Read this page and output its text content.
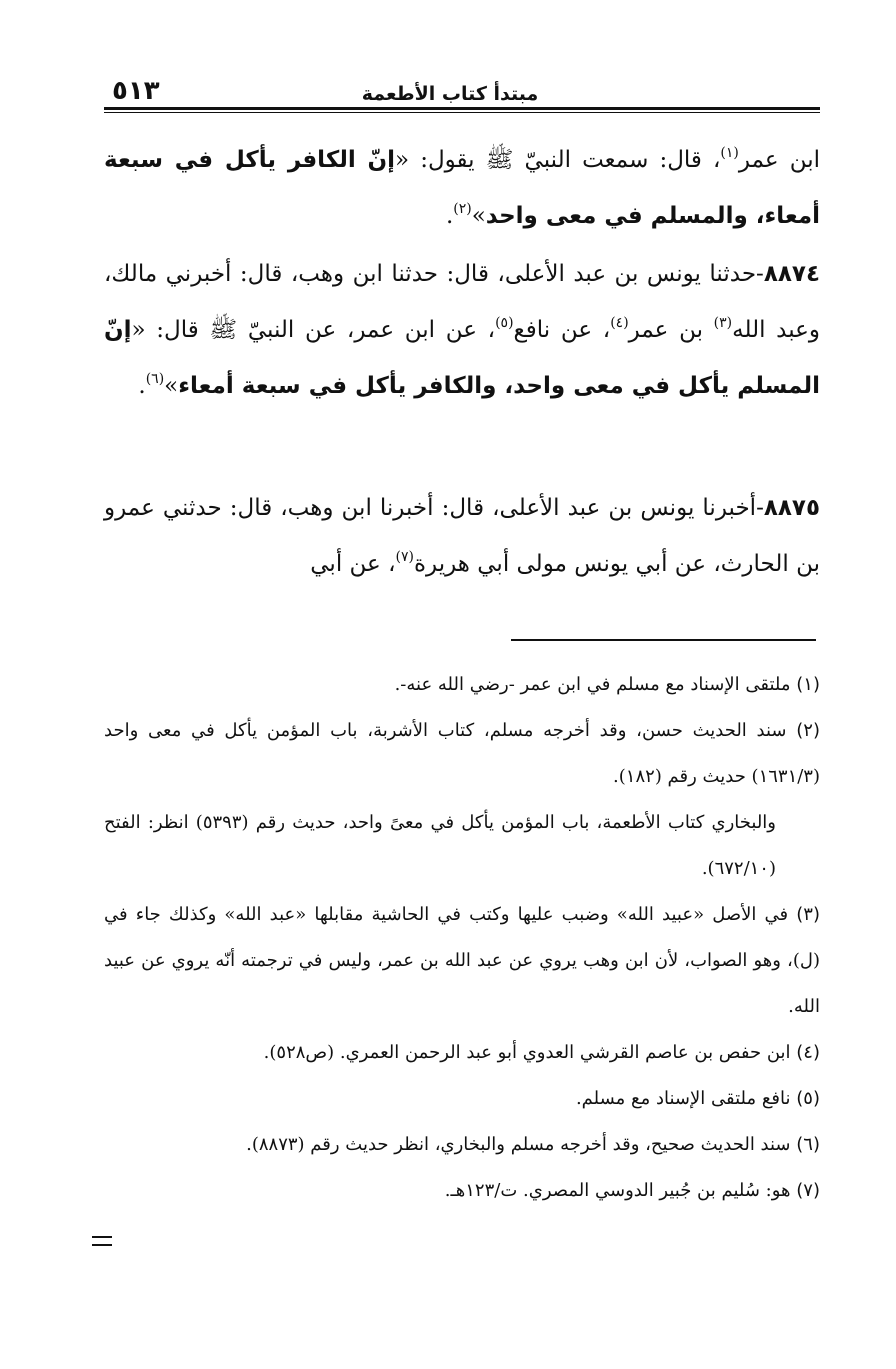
٥١٣	مبتدأ كتاب الأطعمة

ابن عمر$^{(١)}$، قال: سمعت النبيّ ﷺ يقول: «إنّ الكافر يأكل في سبعة أمعاء، والمسلم في معى واحد»$^{(٢)}$.

٨٨٧٤-حدثنا يونس بن عبد الأعلى، قال: حدثنا ابن وهب، قال: أخبرني مالك، وعبد الله$^{(٣)}$ بن عمر$^{(٤)}$، عن نافع$^{(٥)}$، عن ابن عمر، عن النبيّ ﷺ قال: «إنّ المسلم يأكل في معى واحد، والكافر يأكل في سبعة أمعاء»$^{(٦)}$.

٨٨٧٥-أخبرنا يونس بن عبد الأعلى، قال: أخبرنا ابن وهب، قال: حدثني عمرو بن الحارث، عن أبي يونس مولى أبي هريرة$^{(٧)}$، عن أبي

(١) ملتقى الإسناد مع مسلم في ابن عمر -رضي الله عنه-.

(٢) سند الحديث حسن، وقد أخرجه مسلم، كتاب الأشربة، باب المؤمن يأكل في معى واحد (١٦٣١/٣) حديث رقم (١٨٢).

والبخاري كتاب الأطعمة، باب المؤمن يأكل في معىً واحد، حديث رقم (٥٣٩٣) انظر: الفتح (٦٧٢/١٠).

(٣) في الأصل «عبيد الله» وضبب عليها وكتب في الحاشية مقابلها «عبد الله» وكذلك جاء في (ل)، وهو الصواب، لأن ابن وهب يروي عن عبد الله بن عمر، وليس في ترجمته أنّه يروي عن عبيد الله.

(٤) ابن حفص بن عاصم القرشي العدوي أبو عبد الرحمن العمري. (ص٥٢٨).

(٥) نافع ملتقى الإسناد مع مسلم.

(٦) سند الحديث صحيح، وقد أخرجه مسلم والبخاري، انظر حديث رقم (٨٨٧٣).

(٧) هو: سُليم بن جُبير الدوسي المصري. ت/١٢٣هـ.
